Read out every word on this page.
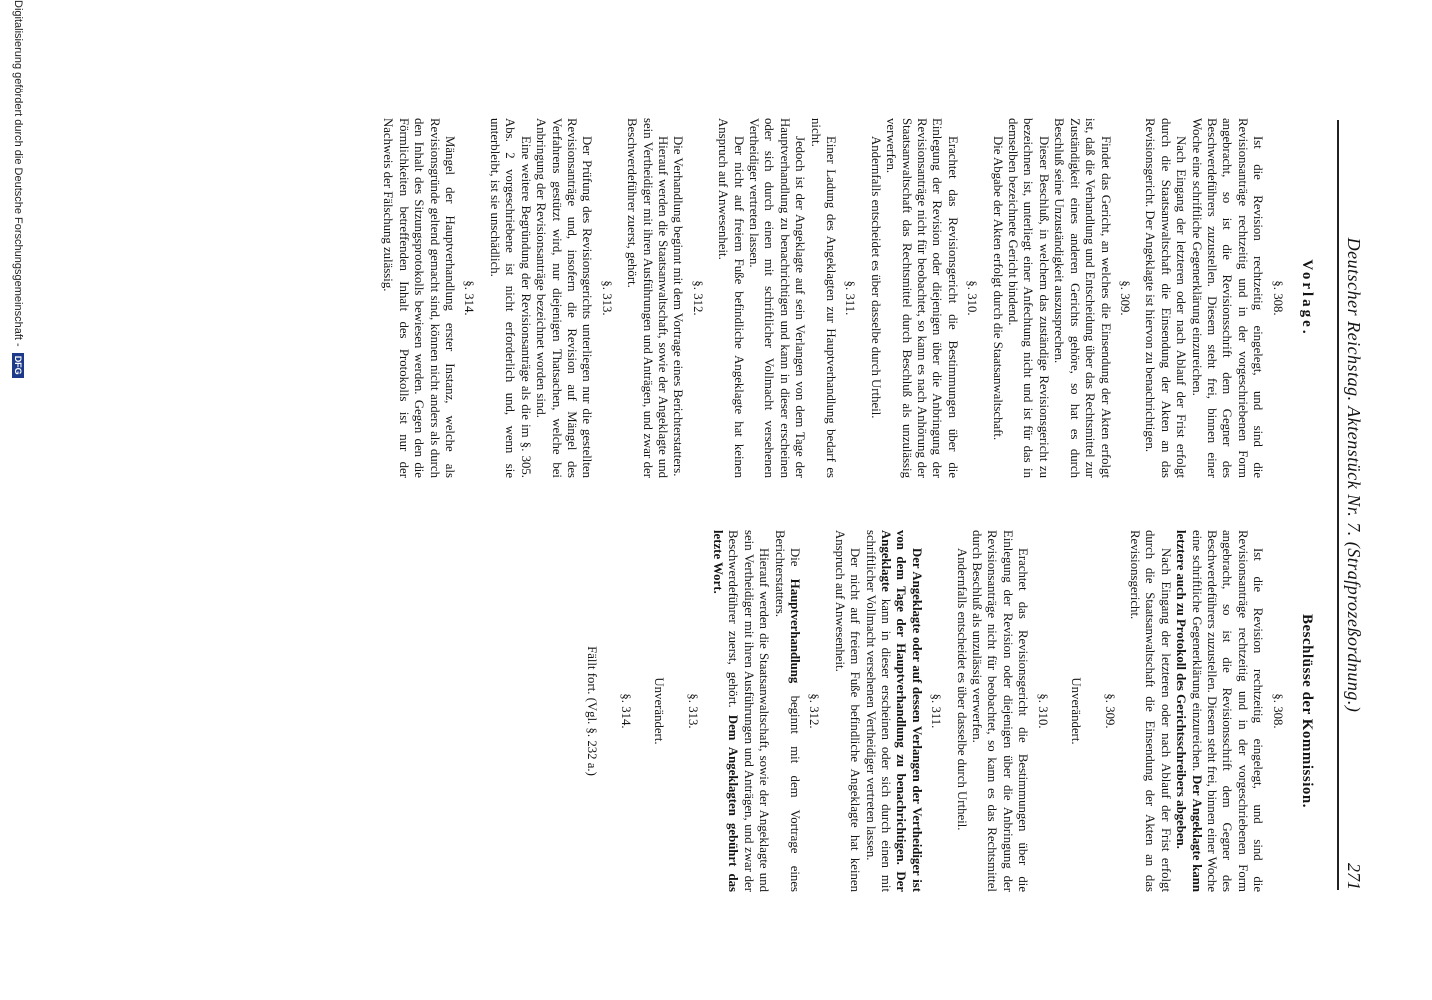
Deutscher Reichstag. Aktenstück Nr. 7. (Strafprozeßordnung.)
271
Vorlage.
§. 308.

Ist die Revision rechtzeitig eingelegt, und sind die Revisionsanträge rechtzeitig und in der vorgeschriebenen Form angebracht, so ist die Revisionsschrift dem Gegner des Beschwerdeführers zuzustellen. Diesem steht frei, binnen einer Woche eine schriftliche Gegenerklärung einzureichen.

Nach Eingang der letzteren oder nach Ablauf der Frist erfolgt durch die Staatsanwaltschaft die Einsendung der Akten an das Revisionsgericht. Der Angeklagte ist hiervon zu benachrichtigen.

§. 309.

Findet das Gericht, an welches die Einsendung der Akten erfolgt ist, daß die Verhandlung und Entscheidung über das Rechtsmittel zur Zuständigkeit eines anderen Gerichts gehöre, so hat es durch Beschluß seine Unzuständigkeit auszusprechen.

Dieser Beschluß, in welchem das zuständige Revisionsgericht zu bezeichnen ist, unterliegt einer Anfechtung nicht und ist für das in demselben bezeichnete Gericht bindend.

Die Abgabe der Akten erfolgt durch die Staatsanwaltschaft.

§. 310.

Erachtet das Revisionsgericht die Bestimmungen über die Einlegung der Revision oder diejenigen über die Anbringung der Revisionsanträge nicht für beobachtet, so kann es nach Anhörung der Staatsanwaltschaft das Rechtsmittel durch Beschluß als unzulässig verwerfen.

Andernfalls entscheidet es über dasselbe durch Urtheil.

§. 311.

Einer Ladung des Angeklagten zur Hauptverhandlung bedarf es nicht.

Jedoch ist der Angeklagte auf sein Verlangen von dem Tage der Hauptverhandlung zu benachrichtigen und kann in dieser erscheinen oder sich durch einen mit schriftlicher Vollmacht versehenen Vertheidiger vertreten lassen.

Der nicht auf freiem Fuße befindliche Angeklagte hat keinen Anspruch auf Anwesenheit.

§. 312.

Die Verhandlung beginnt mit dem Vortrage eines Berichterstatters.

Hierauf werden die Staatsanwaltschaft, sowie der Angeklagte und sein Vertheidiger mit ihren Ausführungen und Anträgen, und zwar der Beschwerdeführer zuerst, gehört.

§. 313.

Der Prüfung des Revisionsgerichts unterliegen nur die gestellten Revisionsanträge und, insofern die Revision auf Mängel des Verfahrens gestützt wird, nur diejenigen Thatsachen, welche bei Anbringung der Revisionsanträge bezeichnet worden sind.

Eine weitere Begründung der Revisionsanträge als die im §. 305. Abs. 2 vorgeschriebene ist nicht erforderlich und, wenn sie unterbleibt, ist sie unschädlich.

§. 314.

Mängel der Hauptverhandlung erster Instanz, welche als Revisionsgründe geltend gemacht sind, können nicht anders als durch den Inhalt des Sitzungsprotokolls bewiesen werden. Gegen den die Förmlichkeiten betreffenden Inhalt des Protokolls ist nur der Nachweis der Fälschung zulässig.

Beschlüsse der Kommission.
§. 308.

Ist die Revision rechtzeitig eingelegt, und sind die Revisionsanträge rechtzeitig und in der vorgeschriebenen Form angebracht, so ist die Revisionsschrift dem Gegner des Beschwerdeführers zuzustellen. Diesem steht frei, binnen einer Woche eine schriftliche Gegenerklärung einzureichen. Der Angeklagte kann letztere auch zu Protokoll des Gerichtsschreibers abgeben.

Nach Eingang der letzteren oder nach Ablauf der Frist erfolgt durch die Staatsanwaltschaft die Einsendung der Akten an das Revisionsgericht.

§. 309.

Unverändert.

§. 310.

Erachtet das Revisionsgericht die Bestimmungen über die Einlegung der Revision oder diejenigen über die Anbringung der Revisionsanträge nicht für beobachtet, so kann es das Rechtsmittel durch Beschluß als unzulässig verwerfen.

Andernfalls entscheidet es über dasselbe durch Urtheil.

§. 311.

Der Angeklagte oder auf dessen Verlangen der Vertheidiger ist von dem Tage der Hauptverhandlung zu benachrichtigen. Der Angeklagte kann in dieser erscheinen oder sich durch einen mit schriftlicher Vollmacht versehenen Vertheidiger vertreten lassen.

Der nicht auf freiem Fuße befindliche Angeklagte hat keinen Anspruch auf Anwesenheit.

§. 312.

Die Hauptverhandlung beginnt mit dem Vortrage eines Berichterstatters.

Hierauf werden die Staatsanwaltschaft, sowie der Angeklagte und sein Vertheidiger mit ihren Ausführungen und Anträgen, und zwar der Beschwerdeführer zuerst, gehört. Dem Angeklagten gebührt das letzte Wort.

§. 313.

Unverändert.

§. 314.

Fällt fort. (Vgl. §. 232 a.)

Digitalisierung gefördert durch die Deutsche Forschungsgemeinschaft -
DFG
